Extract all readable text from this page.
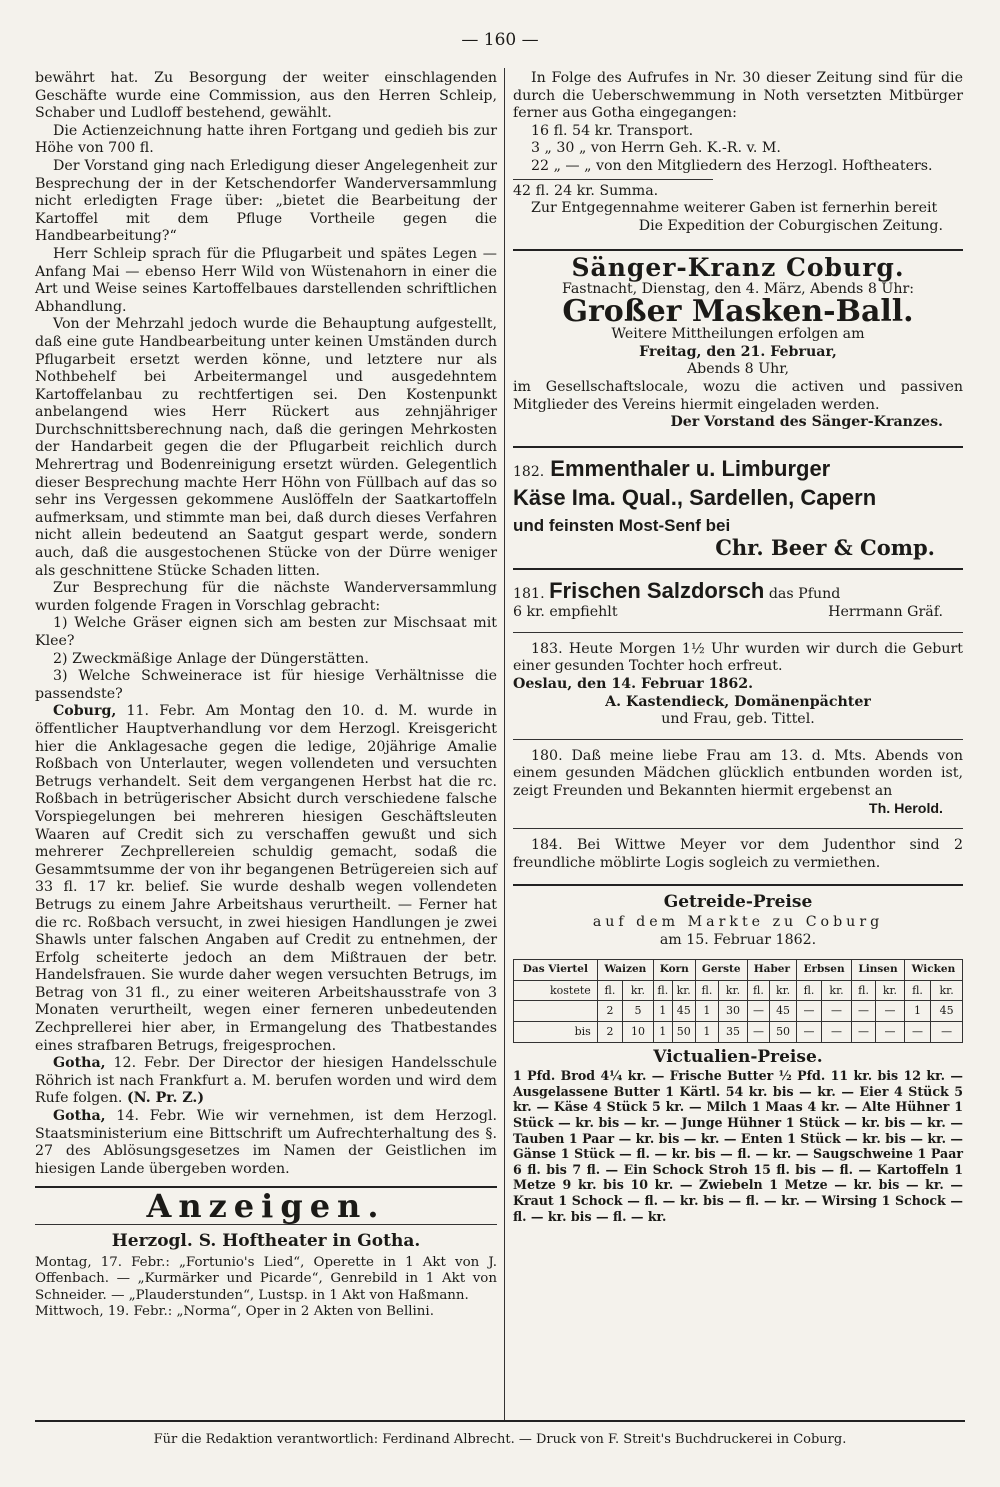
— 160 —

bewährt hat. Zu Besorgung der weiter einschlagenden Geschäfte wurde eine Commission, aus den Herren Schleip, Schaber und Ludloff bestehend, gewählt.

Die Actienzeichnung hatte ihren Fortgang und gedieh bis zur Höhe von 700 fl.

Der Vorstand ging nach Erledigung dieser Angelegenheit zur Besprechung der in der Ketschendorfer Wanderversammlung nicht erledigten Frage über: „bietet die Bearbeitung der Kartoffel mit dem Pfluge Vortheile gegen die Handbearbeitung?“

Herr Schleip sprach für die Pflugarbeit und spätes Legen — Anfang Mai — ebenso Herr Wild von Wüstenahorn in einer die Art und Weise seines Kartoffelbaues darstellenden schriftlichen Abhandlung.

Von der Mehrzahl jedoch wurde die Behauptung aufgestellt, daß eine gute Handbearbeitung unter keinen Umständen durch Pflugarbeit ersetzt werden könne, und letztere nur als Nothbehelf bei Arbeitermangel und ausgedehntem Kartoffelanbau zu rechtfertigen sei. Den Kostenpunkt anbelangend wies Herr Rückert aus zehnjähriger Durchschnittsberechnung nach, daß die geringen Mehrkosten der Handarbeit gegen die der Pflugarbeit reichlich durch Mehrertrag und Bodenreinigung ersetzt würden. Gelegentlich dieser Besprechung machte Herr Höhn von Füllbach auf das so sehr ins Vergessen gekommene Auslöffeln der Saatkartoffeln aufmerksam, und stimmte man bei, daß durch dieses Verfahren nicht allein bedeutend an Saatgut gespart werde, sondern auch, daß die ausgestochenen Stücke von der Dürre weniger als geschnittene Stücke Schaden litten.

Zur Besprechung für die nächste Wanderversammlung wurden folgende Fragen in Vorschlag gebracht:

1) Welche Gräser eignen sich am besten zur Mischsaat mit Klee?

2) Zweckmäßige Anlage der Düngerstätten.

3) Welche Schweinerace ist für hiesige Verhältnisse die passendste?

Coburg, 11. Febr. Am Montag den 10. d. M. wurde in öffentlicher Hauptverhandlung vor dem Herzogl. Kreisgericht hier die Anklagesache gegen die ledige, 20jährige Amalie Roßbach von Unterlauter, wegen vollendeten und versuchten Betrugs verhandelt. Seit dem vergangenen Herbst hat die rc. Roßbach in betrügerischer Absicht durch verschiedene falsche Vorspiegelungen bei mehreren hiesigen Geschäftsleuten Waaren auf Credit sich zu verschaffen gewußt und sich mehrerer Zechprellereien schuldig gemacht, sodaß die Gesammtsumme der von ihr begangenen Betrügereien sich auf 33 fl. 17 kr. belief. Sie wurde deshalb wegen vollendeten Betrugs zu einem Jahre Arbeitshaus verurtheilt. — Ferner hat die rc. Roßbach versucht, in zwei hiesigen Handlungen je zwei Shawls unter falschen Angaben auf Credit zu entnehmen, der Erfolg scheiterte jedoch an dem Mißtrauen der betr. Handelsfrauen. Sie wurde daher wegen versuchten Betrugs, im Betrag von 31 fl., zu einer weiteren Arbeitshausstrafe von 3 Monaten verurtheilt, wegen einer ferneren unbedeutenden Zechprellerei hier aber, in Ermangelung des Thatbestandes eines strafbaren Betrugs, freigesprochen.

Gotha, 12. Febr. Der Director der hiesigen Handelsschule Röhrich ist nach Frankfurt a. M. berufen worden und wird dem Rufe folgen. (N. Pr. Z.)

Gotha, 14. Febr. Wie wir vernehmen, ist dem Herzogl. Staatsministerium eine Bittschrift um Aufrechterhaltung des §. 27 des Ablösungsgesetzes im Namen der Geistlichen im hiesigen Lande übergeben worden.

Anzeigen.
Herzogl. S. Hoftheater in Gotha.

Montag, 17. Febr.: „Fortunio's Lied“, Operette in 1 Akt von J. Offenbach. — „Kurmärker und Picarde“, Genrebild in 1 Akt von Schneider. — „Plauderstunden“, Lustsp. in 1 Akt von Haßmann.

Mittwoch, 19. Febr.: „Norma“, Oper in 2 Akten von Bellini.

In Folge des Aufrufes in Nr. 30 dieser Zeitung sind für die durch die Ueberschwemmung in Noth versetzten Mitbürger ferner aus Gotha eingegangen:

16 fl. 54 kr. Transport.

3 „ 30 „ von Herrn Geh. K.-R. v. M.

22 „ — „ von den Mitgliedern des Herzogl. Hoftheaters.

42 fl. 24 kr. Summa.

Zur Entgegennahme weiterer Gaben ist fernerhin bereit

Die Expedition der Coburgischen Zeitung.

Sänger-Kranz Coburg.

Fastnacht, Dienstag, den 4. März, Abends 8 Uhr:

Großer Masken-Ball.

Weitere Mittheilungen erfolgen am

Freitag, den 21. Februar,

Abends 8 Uhr,

im Gesellschaftslocale, wozu die activen und passiven Mitglieder des Vereins hiermit eingeladen werden.

Der Vorstand des Sänger-Kranzes.

182. Emmenthaler u. Limburger
Käse Ima. Qual., Sardellen, Capern
und feinsten Most-Senf bei
Chr. Beer & Comp.

181. Frischen Salzdorsch das Pfund

6 kr. empfiehlt	Herrmann Gräf.

183. Heute Morgen 1½ Uhr wurden wir durch die Geburt einer gesunden Tochter hoch erfreut.

Oeslau, den 14. Februar 1862.

A. Kastendieck, Domänenpächter

und Frau, geb. Tittel.

180. Daß meine liebe Frau am 13. d. Mts. Abends von einem gesunden Mädchen glücklich entbunden worden ist, zeigt Freunden und Bekannten hiermit ergebenst an

Th. Herold.

184. Bei Wittwe Meyer vor dem Judenthor sind 2 freundliche möblirte Logis sogleich zu vermiethen.

Getreide-Preise

auf dem Markte zu Coburg

am 15. Februar 1862.

Das Viertel	Waizen		Korn		Gerste		Haber		Erbsen		Linsen		Wicken	
kostete	fl.	kr.	fl.	kr.	fl.	kr.	fl.	kr.	fl.	kr.	fl.	kr.	fl.	kr.
	2	5	1	45	1	30	—	45	—	—	—	—	1	45
bis	2	10	1	50	1	35	—	50	—	—	—	—	—	—
Victualien-Preise.

1 Pfd. Brod 4¼ kr. — Frische Butter ½ Pfd. 11 kr. bis 12 kr. — Ausgelassene Butter 1 Kärtl. 54 kr. bis — kr. — Eier 4 Stück 5 kr. — Käse 4 Stück 5 kr. — Milch 1 Maas 4 kr. — Alte Hühner 1 Stück — kr. bis — kr. — Junge Hühner 1 Stück — kr. bis — kr. — Tauben 1 Paar — kr. bis — kr. — Enten 1 Stück — kr. bis — kr. — Gänse 1 Stück — fl. — kr. bis — fl. — kr. — Saugschweine 1 Paar 6 fl. bis 7 fl. — Ein Schock Stroh 15 fl. bis — fl. — Kartoffeln 1 Metze 9 kr. bis 10 kr. — Zwiebeln 1 Metze — kr. bis — kr. — Kraut 1 Schock — fl. — kr. bis — fl. — kr. — Wirsing 1 Schock — fl. — kr. bis — fl. — kr.

Für die Redaktion verantwortlich: Ferdinand Albrecht. — Druck von F. Streit's Buchdruckerei in Coburg.
